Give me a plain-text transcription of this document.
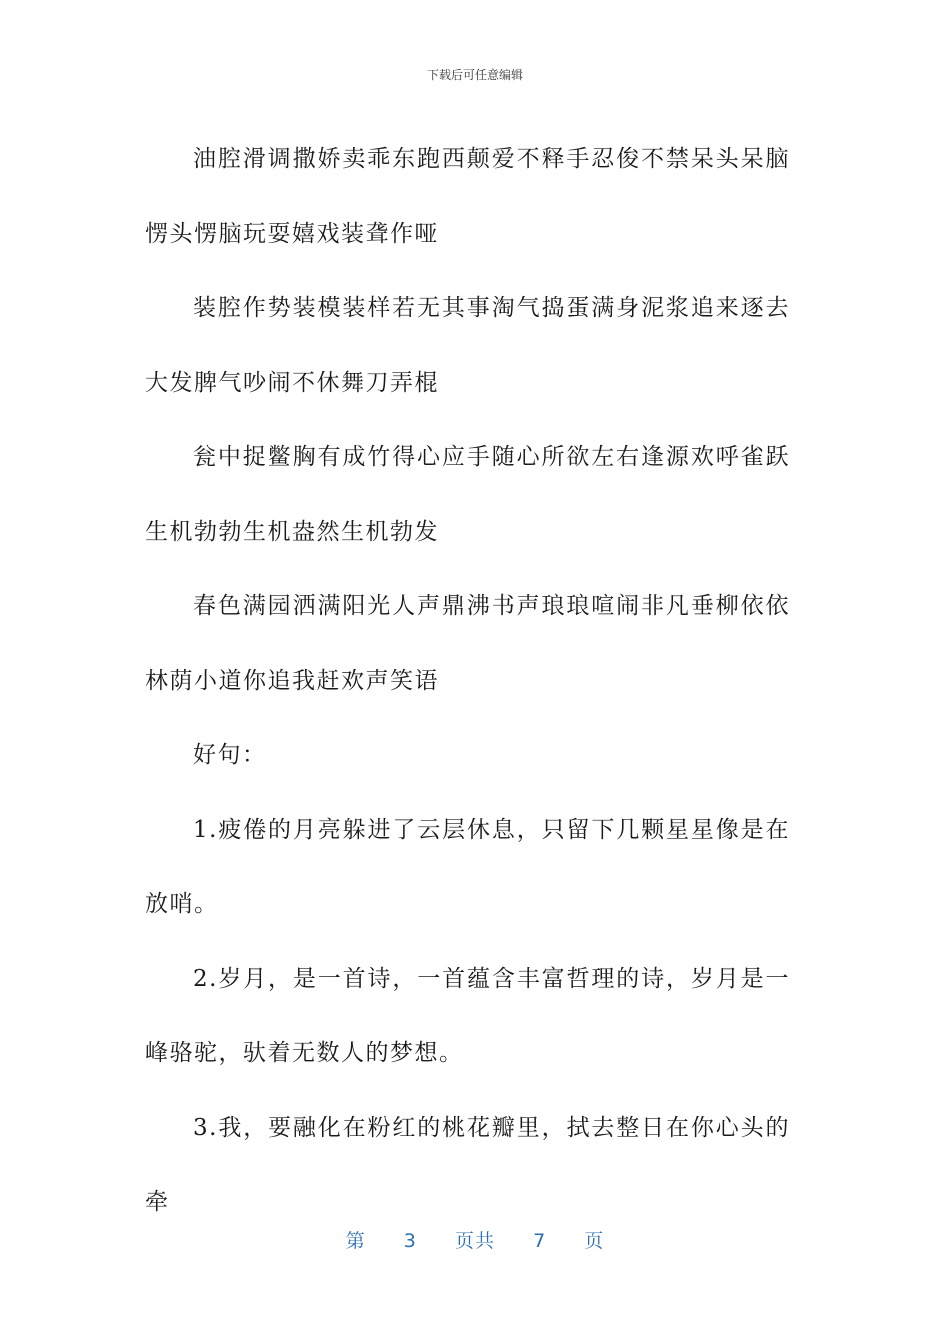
下载后可任意编辑

油腔滑调撒娇卖乖东跑西颠爱不释手忍俊不禁呆头呆脑愣头愣脑玩耍嬉戏装聋作哑

装腔作势装模装样若无其事淘气捣蛋满身泥浆追来逐去大发脾气吵闹不休舞刀弄棍

瓮中捉鳖胸有成竹得心应手随心所欲左右逢源欢呼雀跃生机勃勃生机盎然生机勃发

春色满园洒满阳光人声鼎沸书声琅琅喧闹非凡垂柳依依林荫小道你追我赶欢声笑语

好句：

1.疲倦的月亮躲进了云层休息，只留下几颗星星像是在放哨。

2.岁月，是一首诗，一首蕴含丰富哲理的诗，岁月是一峰骆驼，驮着无数人的梦想。

3.我，要融化在粉红的桃花瓣里，拭去整日在你心头的牵

第 3 页共 7 页
